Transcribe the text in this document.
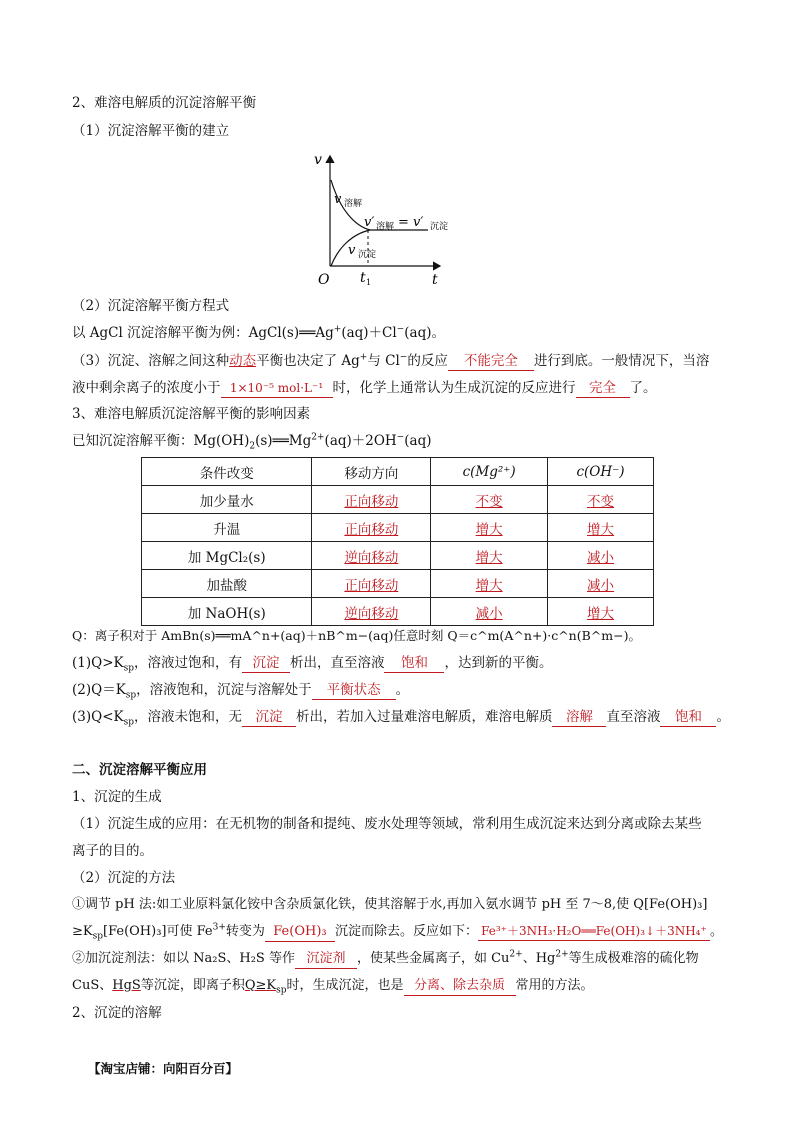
2、难溶电解质的沉淀溶解平衡
（1）沉淀溶解平衡的建立
v
t
O t 1
v 溶解
v 沉淀
v′ 溶解 = v′ 沉淀
（2）沉淀溶解平衡方程式
以 AgCl 沉淀溶解平衡为例：AgCl(s)══Ag+(aq)＋Cl−(aq)。
（3）沉淀、溶解之间这种动态平衡也决定了 Ag+与 Cl−的反应 不能完全 进行到底。一般情况下，当溶
液中剩余离子的浓度小于 1×10⁻⁵ mol·L⁻¹ 时，化学上通常认为生成沉淀的反应进行 完全 了。
3、难溶电解质沉淀溶解平衡的影响因素
已知沉淀溶解平衡：$Mg(OH)_2(s)══Mg^{2+}(aq)+2OH^-(aq)$
条件改变	移动方向	c(Mg²⁺)	c(OH⁻)
加少量水	正向移动	不变	不变
升温	正向移动	增大	增大
加 MgCl₂(s)	逆向移动	增大	减小
加盐酸	正向移动	增大	减小
加 NaOH(s)	逆向移动	减小	增大
Q：离子积对于 AmBn(s)══mA^n+(aq)＋nB^m−(aq)任意时刻 Q＝c^m(A^n+)·c^n(B^m−)。
$(1)Q>K_{sp}$，溶液过饱和，有 沉淀 析出，直至溶液 饱和 ，达到新的平衡。
$(2)Q=K_{sp}$，溶液饱和，沉淀与溶解处于 平衡状态 。
$(3)Q<K_{sp}$，溶液未饱和，无 沉淀 析出，若加入过量难溶电解质，难溶电解质 溶解 直至溶液 饱和 。
二、沉淀溶解平衡应用
1、沉淀的生成
（1）沉淀生成的应用：在无机物的制备和提纯、废水处理等领域，常利用生成沉淀来达到分离或除去某些
离子的目的。
（2）沉淀的方法
①调节 pH 法:如工业原料氯化铵中含杂质氯化铁，使其溶解于水,再加入氨水调节 pH 至 7～8,使 Q[Fe(OH)₃]
$\ge K_{sp}[Fe(OH)_3]$可使 $Fe^{3+}$转变为 Fe(OH)₃ 沉淀而除去。反应如下： Fe³⁺＋3NH₃·H₂O══Fe(OH)₃↓＋3NH₄⁺ 。
②加沉淀剂法：如以 Na₂S、H₂S 等作 沉淀剂 ，使某些金属离子，如 $Cu^{2+}$、$Hg^{2+}$等生成极难溶的硫化物
CuS、HgS等沉淀，即离子积$Q\ge K_{sp}$时，生成沉淀，也是 分离、除去杂质 常用的方法。
2、沉淀的溶解
【淘宝店铺：向阳百分百】
